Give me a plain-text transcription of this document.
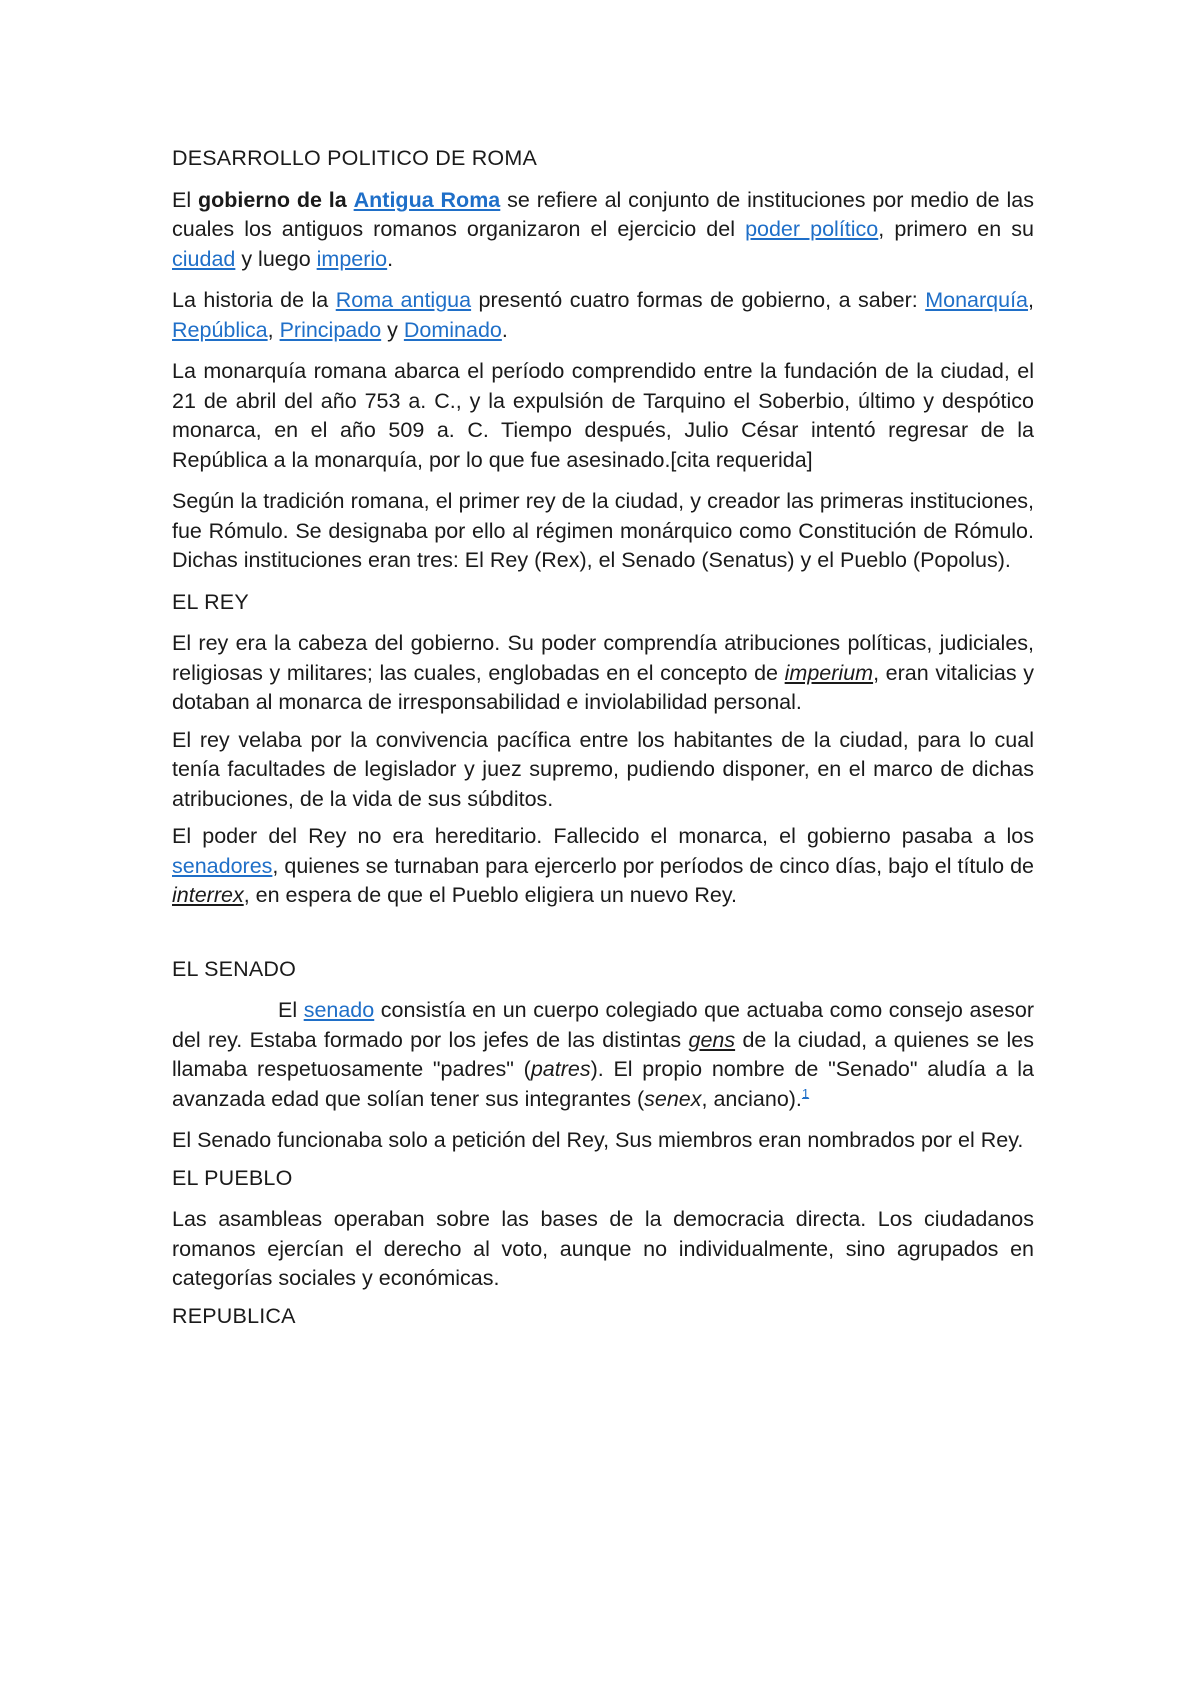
DESARROLLO POLITICO DE ROMA

El gobierno de la Antigua Roma se refiere al conjunto de instituciones por medio de las cuales los antiguos romanos organizaron el ejercicio del poder político, primero en su ciudad y luego imperio.

La historia de la Roma antigua presentó cuatro formas de gobierno, a saber: Monarquía, República, Principado y Dominado.

La monarquía romana abarca el período comprendido entre la fundación de la ciudad, el 21 de abril del año 753 a. C., y la expulsión de Tarquino el Soberbio, último y despótico monarca, en el año 509 a. C. Tiempo después, Julio César intentó regresar de la República a la monarquía, por lo que fue asesinado.[cita requerida]

Según la tradición romana, el primer rey de la ciudad, y creador las primeras instituciones, fue Rómulo. Se designaba por ello al régimen monárquico como Constitución de Rómulo. Dichas instituciones eran tres: El Rey (Rex), el Senado (Senatus) y el Pueblo (Popolus).

EL REY

El rey era la cabeza del gobierno. Su poder comprendía atribuciones políticas, judiciales, religiosas y militares; las cuales, englobadas en el concepto de imperium, eran vitalicias y dotaban al monarca de irresponsabilidad e inviolabilidad personal.

El rey velaba por la convivencia pacífica entre los habitantes de la ciudad, para lo cual tenía facultades de legislador y juez supremo, pudiendo disponer, en el marco de dichas atribuciones, de la vida de sus súbditos.

El poder del Rey no era hereditario. Fallecido el monarca, el gobierno pasaba a los senadores, quienes se turnaban para ejercerlo por períodos de cinco días, bajo el título de interrex, en espera de que el Pueblo eligiera un nuevo Rey.

EL SENADO

El senado consistía en un cuerpo colegiado que actuaba como consejo asesor del rey. Estaba formado por los jefes de las distintas gens de la ciudad, a quienes se les llamaba respetuosamente "padres" (patres). El propio nombre de "Senado" aludía a la avanzada edad que solían tener sus integrantes (senex, anciano).$^1$

El Senado funcionaba solo a petición del Rey, Sus miembros eran nombrados por el Rey.

EL PUEBLO

Las asambleas operaban sobre las bases de la democracia directa. Los ciudadanos romanos ejercían el derecho al voto, aunque no individualmente, sino agrupados en categorías sociales y económicas.

REPUBLICA
